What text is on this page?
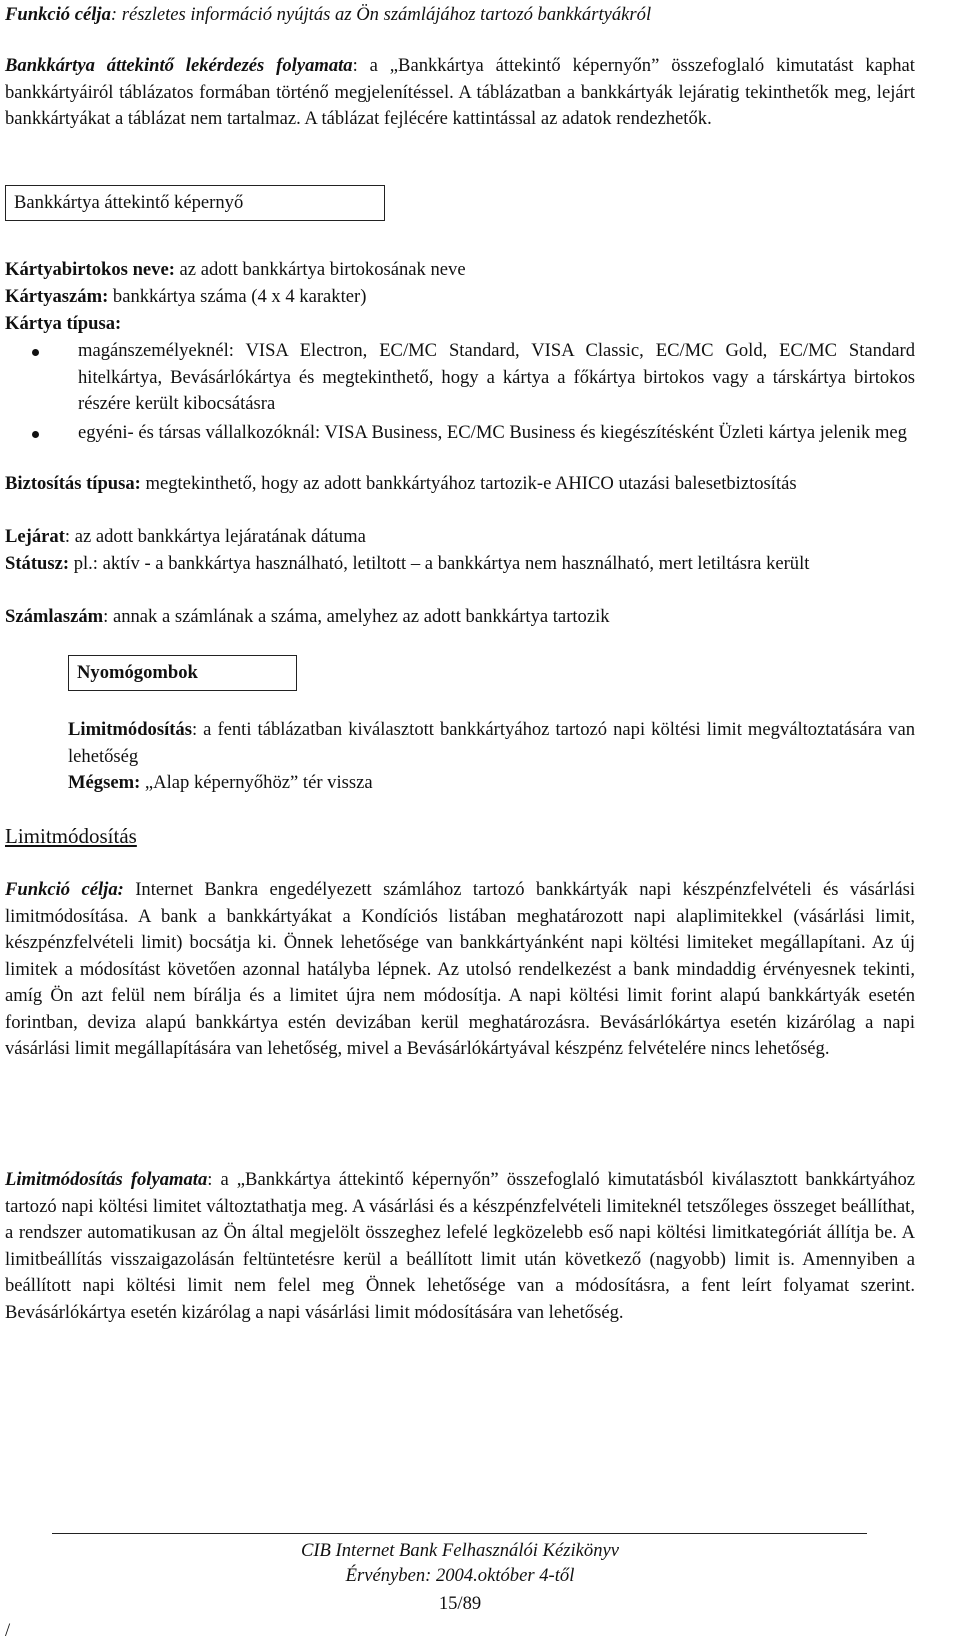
Funkció célja: részletes információ nyújtás az Ön számlájához tartozó bankkártyákról

Bankkártya áttekintő lekérdezés folyamata: a „Bankkártya áttekintő képernyőn” összefoglaló kimutatást kaphat bankkártyáiról táblázatos formában történő megjelenítéssel. A táblázatban a bankkártyák lejáratig tekinthetők meg, lejárt bankkártyákat a táblázat nem tartalmaz. A táblázat fejlécére kattintással az adatok rendezhetők.

Bankkártya áttekintő képernyő

Kártyabirtokos neve: az adott bankkártya birtokosának neve

Kártyaszám: bankkártya száma (4 x 4 karakter)

Kártya típusa:

magánszemélyeknél: VISA Electron, EC/MC Standard, VISA Classic, EC/MC Gold, EC/MC Standard hitelkártya, Bevásárlókártya és megtekinthető, hogy a kártya a főkártya birtokos vagy a társkártya birtokos részére került kibocsátásra
egyéni- és társas vállalkozóknál: VISA Business, EC/MC Business és kiegészítésként Üzleti kártya jelenik meg

Biztosítás típusa: megtekinthető, hogy az adott bankkártyához tartozik-e AHICO utazási balesetbiztosítás

Lejárat: az adott bankkártya lejáratának dátuma

Státusz: pl.: aktív - a bankkártya használható, letiltott – a bankkártya nem használható, mert letiltásra került

Számlaszám: annak a számlának a száma, amelyhez az adott bankkártya tartozik

Nyomógombok

Limitmódosítás: a fenti táblázatban kiválasztott bankkártyához tartozó napi költési limit megváltoztatására van lehetőség

Mégsem: „Alap képernyőhöz” tér vissza

Limitmódosítás

Funkció célja: Internet Bankra engedélyezett számlához tartozó bankkártyák napi készpénzfelvételi és vásárlási limitmódosítása. A bank a bankkártyákat a Kondíciós listában meghatározott napi alaplimitekkel (vásárlási limit, készpénzfelvételi limit) bocsátja ki. Önnek lehetősége van bankkártyánként napi költési limiteket megállapítani. Az új limitek a módosítást követően azonnal hatályba lépnek. Az utolsó rendelkezést a bank mindaddig érvényesnek tekinti, amíg Ön azt felül nem bírálja és a limitet újra nem módosítja. A napi költési limit forint alapú bankkártyák esetén forintban, deviza alapú bankkártya estén devizában kerül meghatározásra. Bevásárlókártya esetén kizárólag a napi vásárlási limit megállapítására van lehetőség, mivel a Bevásárlókártyával készpénz felvételére nincs lehetőség.

Limitmódosítás folyamata: a „Bankkártya áttekintő képernyőn” összefoglaló kimutatásból kiválasztott bankkártyához tartozó napi költési limitet változtathatja meg. A vásárlási és a készpénzfelvételi limiteknél tetszőleges összeget beállíthat, a rendszer automatikusan az Ön által megjelölt összeghez lefelé legközelebb eső napi költési limitkategóriát állítja be. A limitbeállítás visszaigazolásán feltüntetésre kerül a beállított limit után következő (nagyobb) limit is. Amennyiben a beállított napi költési limit nem felel meg Önnek lehetősége van a módosításra, a fent leírt folyamat szerint. Bevásárlókártya esetén kizárólag a napi vásárlási limit módosítására van lehetőség.

CIB Internet Bank Felhasználói Kézikönyv
Érvényben: 2004.október 4-től
15/89
/
